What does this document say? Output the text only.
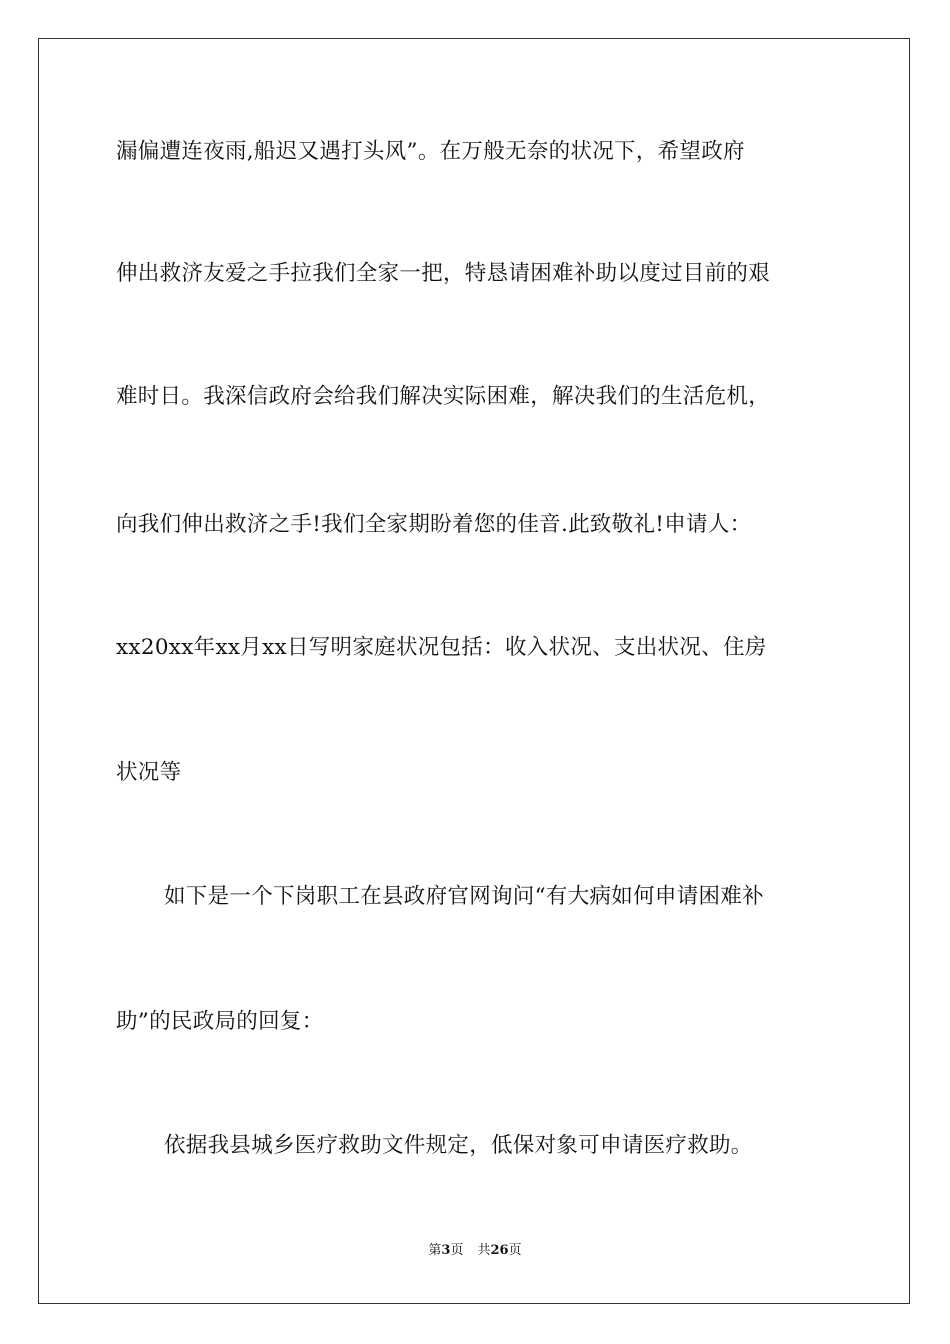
漏偏遭连夜雨,船迟又遇打头风”。在万般无奈的状况下，希望政府
伸出救济友爱之手拉我们全家一把，特恳请困难补助以度过目前的艰
难时日。我深信政府会给我们解决实际困难，解决我们的生活危机，
向我们伸出救济之手!我们全家期盼着您的佳音.此致敬礼!申请人：
xx20xx年xx月xx日写明家庭状况包括：收入状况、支出状况、住房
状况等
如下是一个下岗职工在县政府官网询问“有大病如何申请困难补
助”的民政局的回复：
依据我县城乡医疗救助文件规定，低保对象可申请医疗救助。
第3页 共26页
